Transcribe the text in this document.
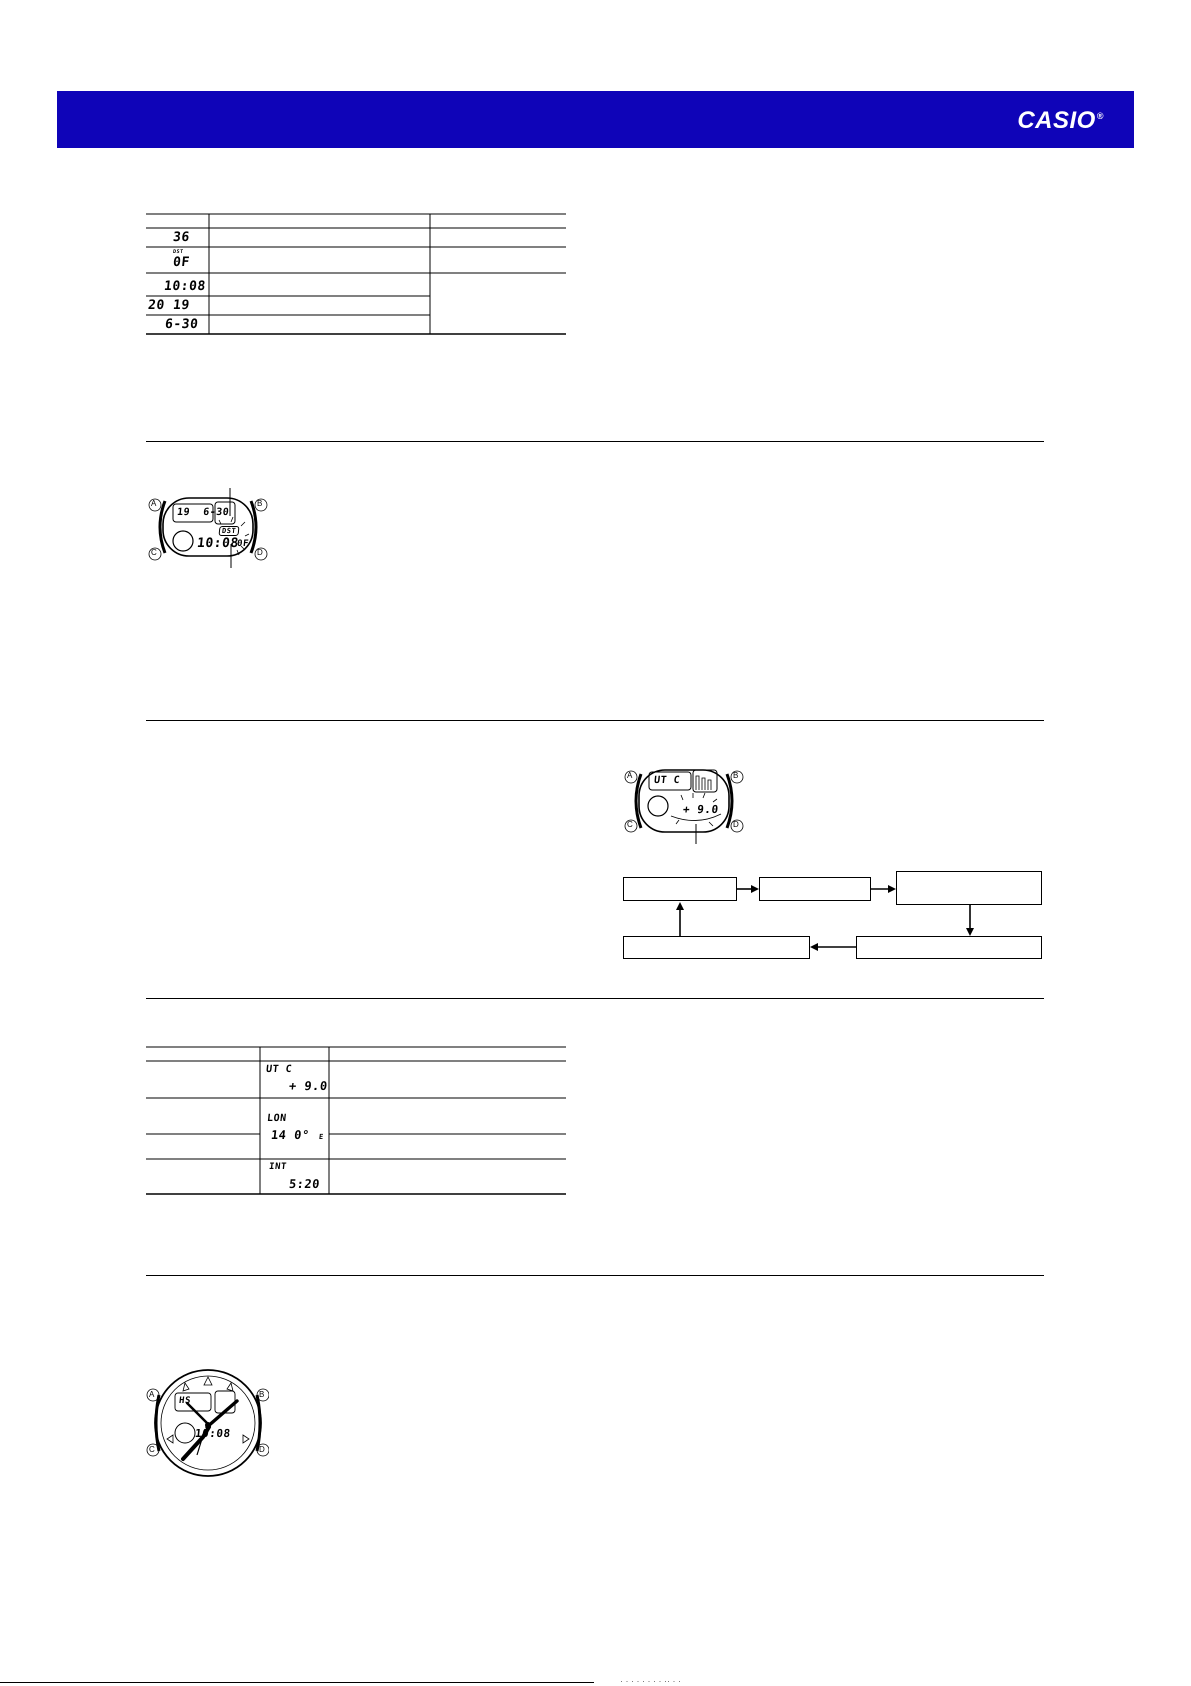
CASIO®
36
DST
0F
10:08
20 19
6-30
A	B
C	D
19  6-30
DST
10:08
0F
A	B
C	D
UT C
+ 9.0
UT C
+ 9.0
LON
14 0° E
INT
5:20
A	B
C	D
HS
10:08
· · · · · · · · ·· · ·
